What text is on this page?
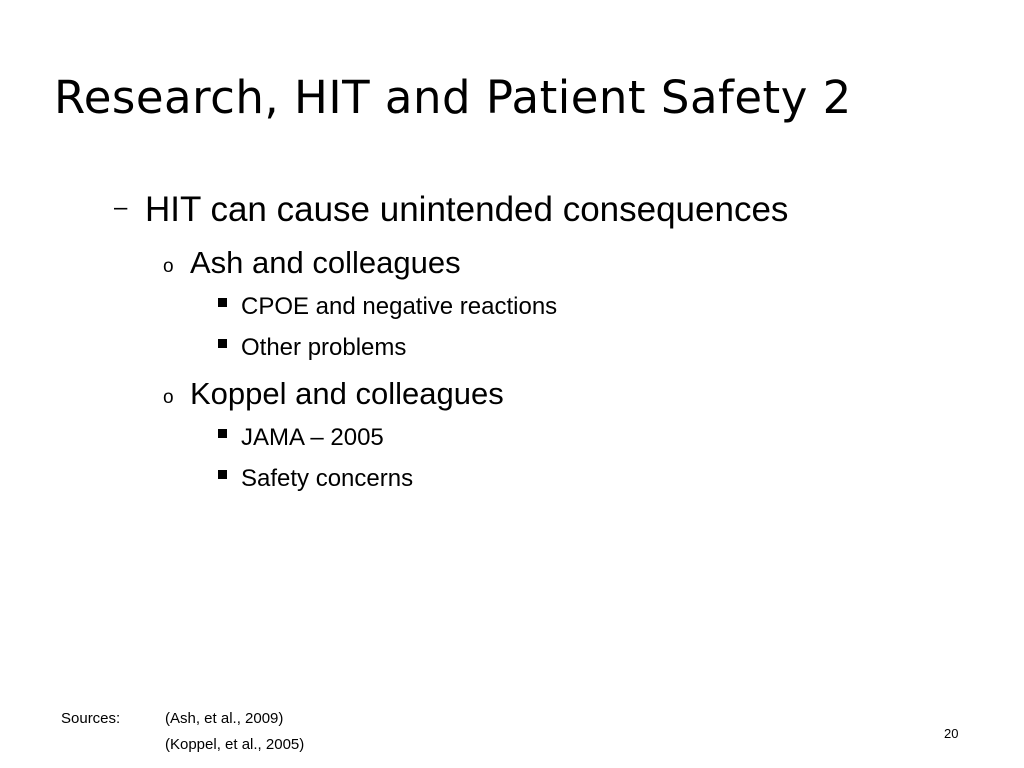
Research, HIT and Patient Safety 2
– HIT can cause unintended consequences
o Ash and colleagues
CPOE and negative reactions
Other problems
o Koppel and colleagues
JAMA – 2005
Safety concerns
Sources:	(Ash, et al., 2009)
(Koppel, et al., 2005)
20
